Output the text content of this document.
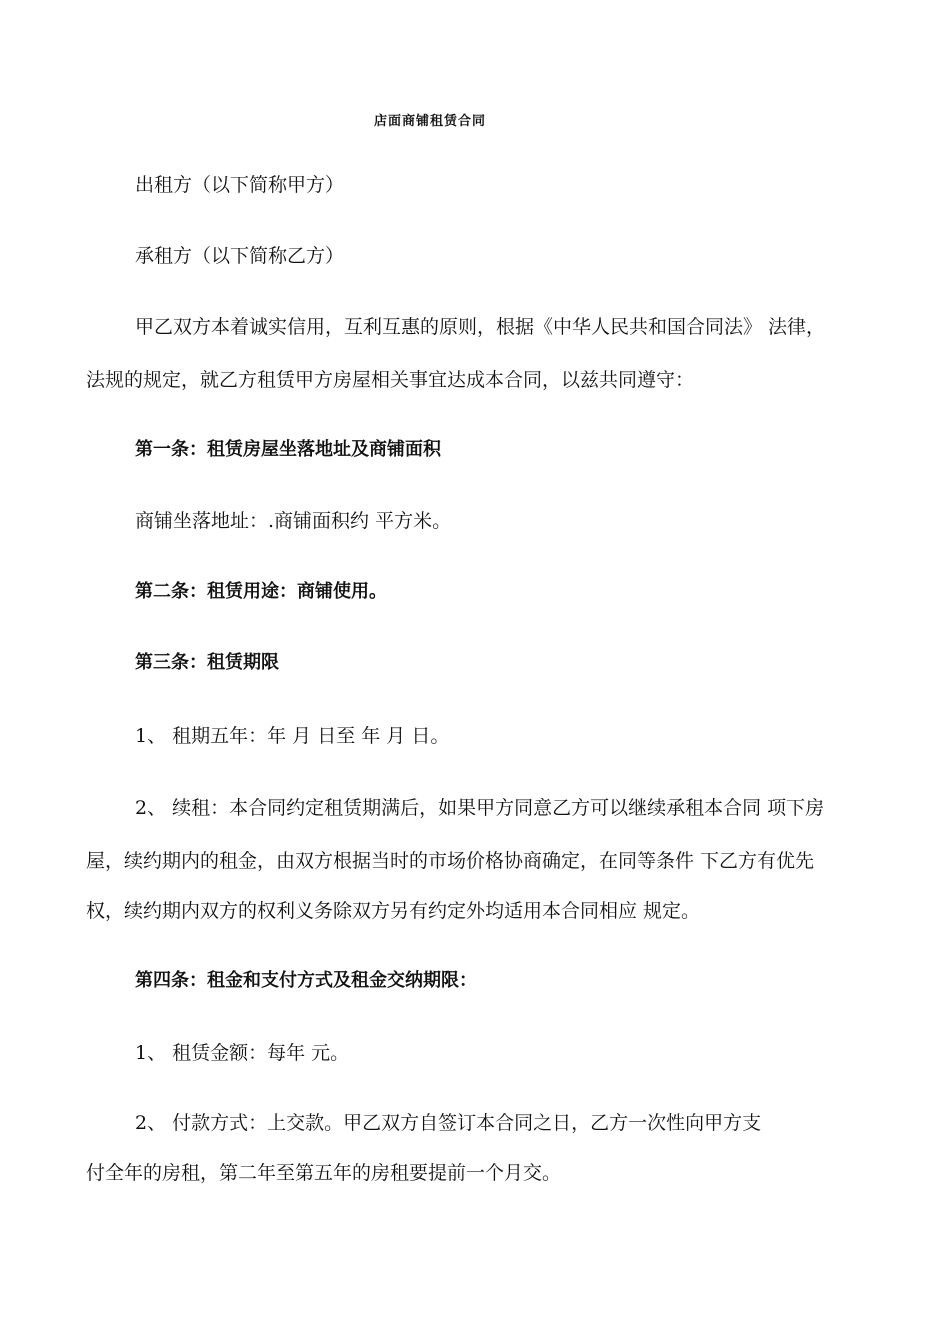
店面商铺租赁合同
出租方（以下简称甲方）
承租方（以下简称乙方）
甲乙双方本着诚实信用，互利互惠的原则，根据《中华人民共和国合同法》 法律，
法规的规定，就乙方租赁甲方房屋相关事宜达成本合同，以兹共同遵守：
第一条：租赁房屋坐落地址及商铺面积
商铺坐落地址：.商铺面积约 平方米。
第二条：租赁用途：商铺使用。
第三条：租赁期限
1、 租期五年：年 月 日至 年 月 日。
2、 续租：本合同约定租赁期满后，如果甲方同意乙方可以继续承租本合同 项下房
屋，续约期内的租金，由双方根据当时的市场价格协商确定，在同等条件 下乙方有优先
权，续约期内双方的权利义务除双方另有约定外均适用本合同相应 规定。
第四条：租金和支付方式及租金交纳期限：
1、 租赁金额：每年 元。
2、 付款方式：上交款。甲乙双方自签订本合同之日，乙方一次性向甲方支
付全年的房租，第二年至第五年的房租要提前一个月交。
